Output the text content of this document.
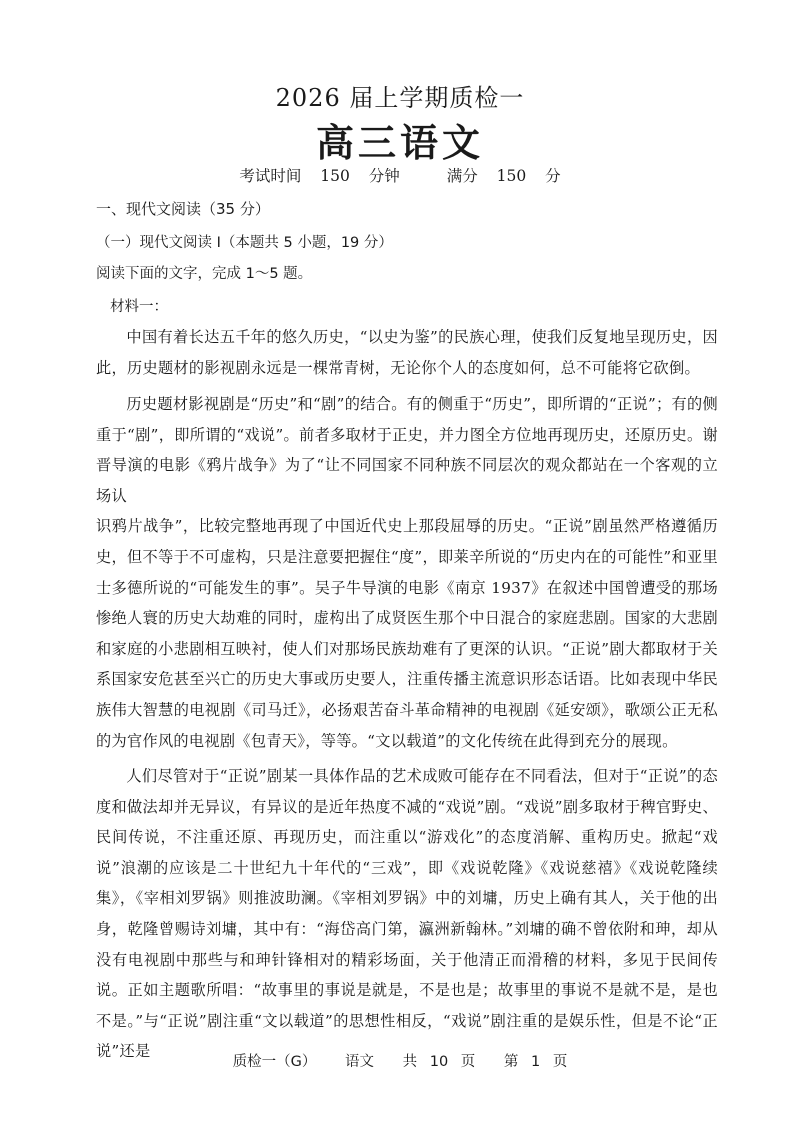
2026 届上学期质检一
高三语文
考试时间 150 分钟	满分 150 分
一、现代文阅读（35 分）
（一）现代文阅读 I（本题共 5 小题，19 分）
阅读下面的文字，完成 1～5 题。
材料一：

中国有着长达五千年的悠久历史，“以史为鉴”的民族心理，使我们反复地呈现历史，因此，历史题材的影视剧永远是一棵常青树，无论你个人的态度如何，总不可能将它砍倒。

历史题材影视剧是“历史”和“剧”的结合。有的侧重于“历史”，即所谓的“正说”；有的侧重于“剧”，即所谓的“戏说”。前者多取材于正史，并力图全方位地再现历史，还原历史。谢晋导演的电影《鸦片战争》为了“让不同国家不同种族不同层次的观众都站在一个客观的立场认

识鸦片战争”，比较完整地再现了中国近代史上那段屈辱的历史。“正说”剧虽然严格遵循历史，但不等于不可虚构，只是注意要把握住“度”，即莱辛所说的“历史内在的可能性”和亚里士多德所说的“可能发生的事”。吴子牛导演的电影《南京 1937》在叙述中国曾遭受的那场惨绝人寰的历史大劫难的同时，虚构出了成贤医生那个中日混合的家庭悲剧。国家的大悲剧和家庭的小悲剧相互映衬，使人们对那场民族劫难有了更深的认识。“正说”剧大都取材于关系国家安危甚至兴亡的历史大事或历史要人，注重传播主流意识形态话语。比如表现中华民族伟大智慧的电视剧《司马迁》，必扬艰苦奋斗革命精神的电视剧《延安颂》，歌颂公正无私的为官作风的电视剧《包青天》，等等。“文以载道”的文化传统在此得到充分的展现。

人们尽管对于“正说”剧某一具体作品的艺术成败可能存在不同看法，但对于“正说”的态度和做法却并无异议，有异议的是近年热度不减的“戏说”剧。“戏说”剧多取材于稗官野史、民间传说，不注重还原、再现历史，而注重以“游戏化”的态度消解、重构历史。掀起“戏说”浪潮的应该是二十世纪九十年代的“三戏”，即《戏说乾隆》《戏说慈禧》《戏说乾隆续集》，《宰相刘罗锅》则推波助澜。《宰相刘罗锅》中的刘墉，历史上确有其人，关于他的出身，乾隆曾赐诗刘墉，其中有：“海岱高门第，瀛洲新翰林。”刘墉的确不曾依附和珅，却从没有电视剧中那些与和珅针锋相对的精彩场面，关于他清正而滑稽的材料，多见于民间传说。正如主题歌所唱：“故事里的事说是就是，不是也是；故事里的事说不是就不是，是也不是。”与“正说”剧注重“文以载道”的思想性相反，“戏说”剧注重的是娱乐性，但是不论“正说”还是

质检一（G） 语文 共 10 页 第 1 页
